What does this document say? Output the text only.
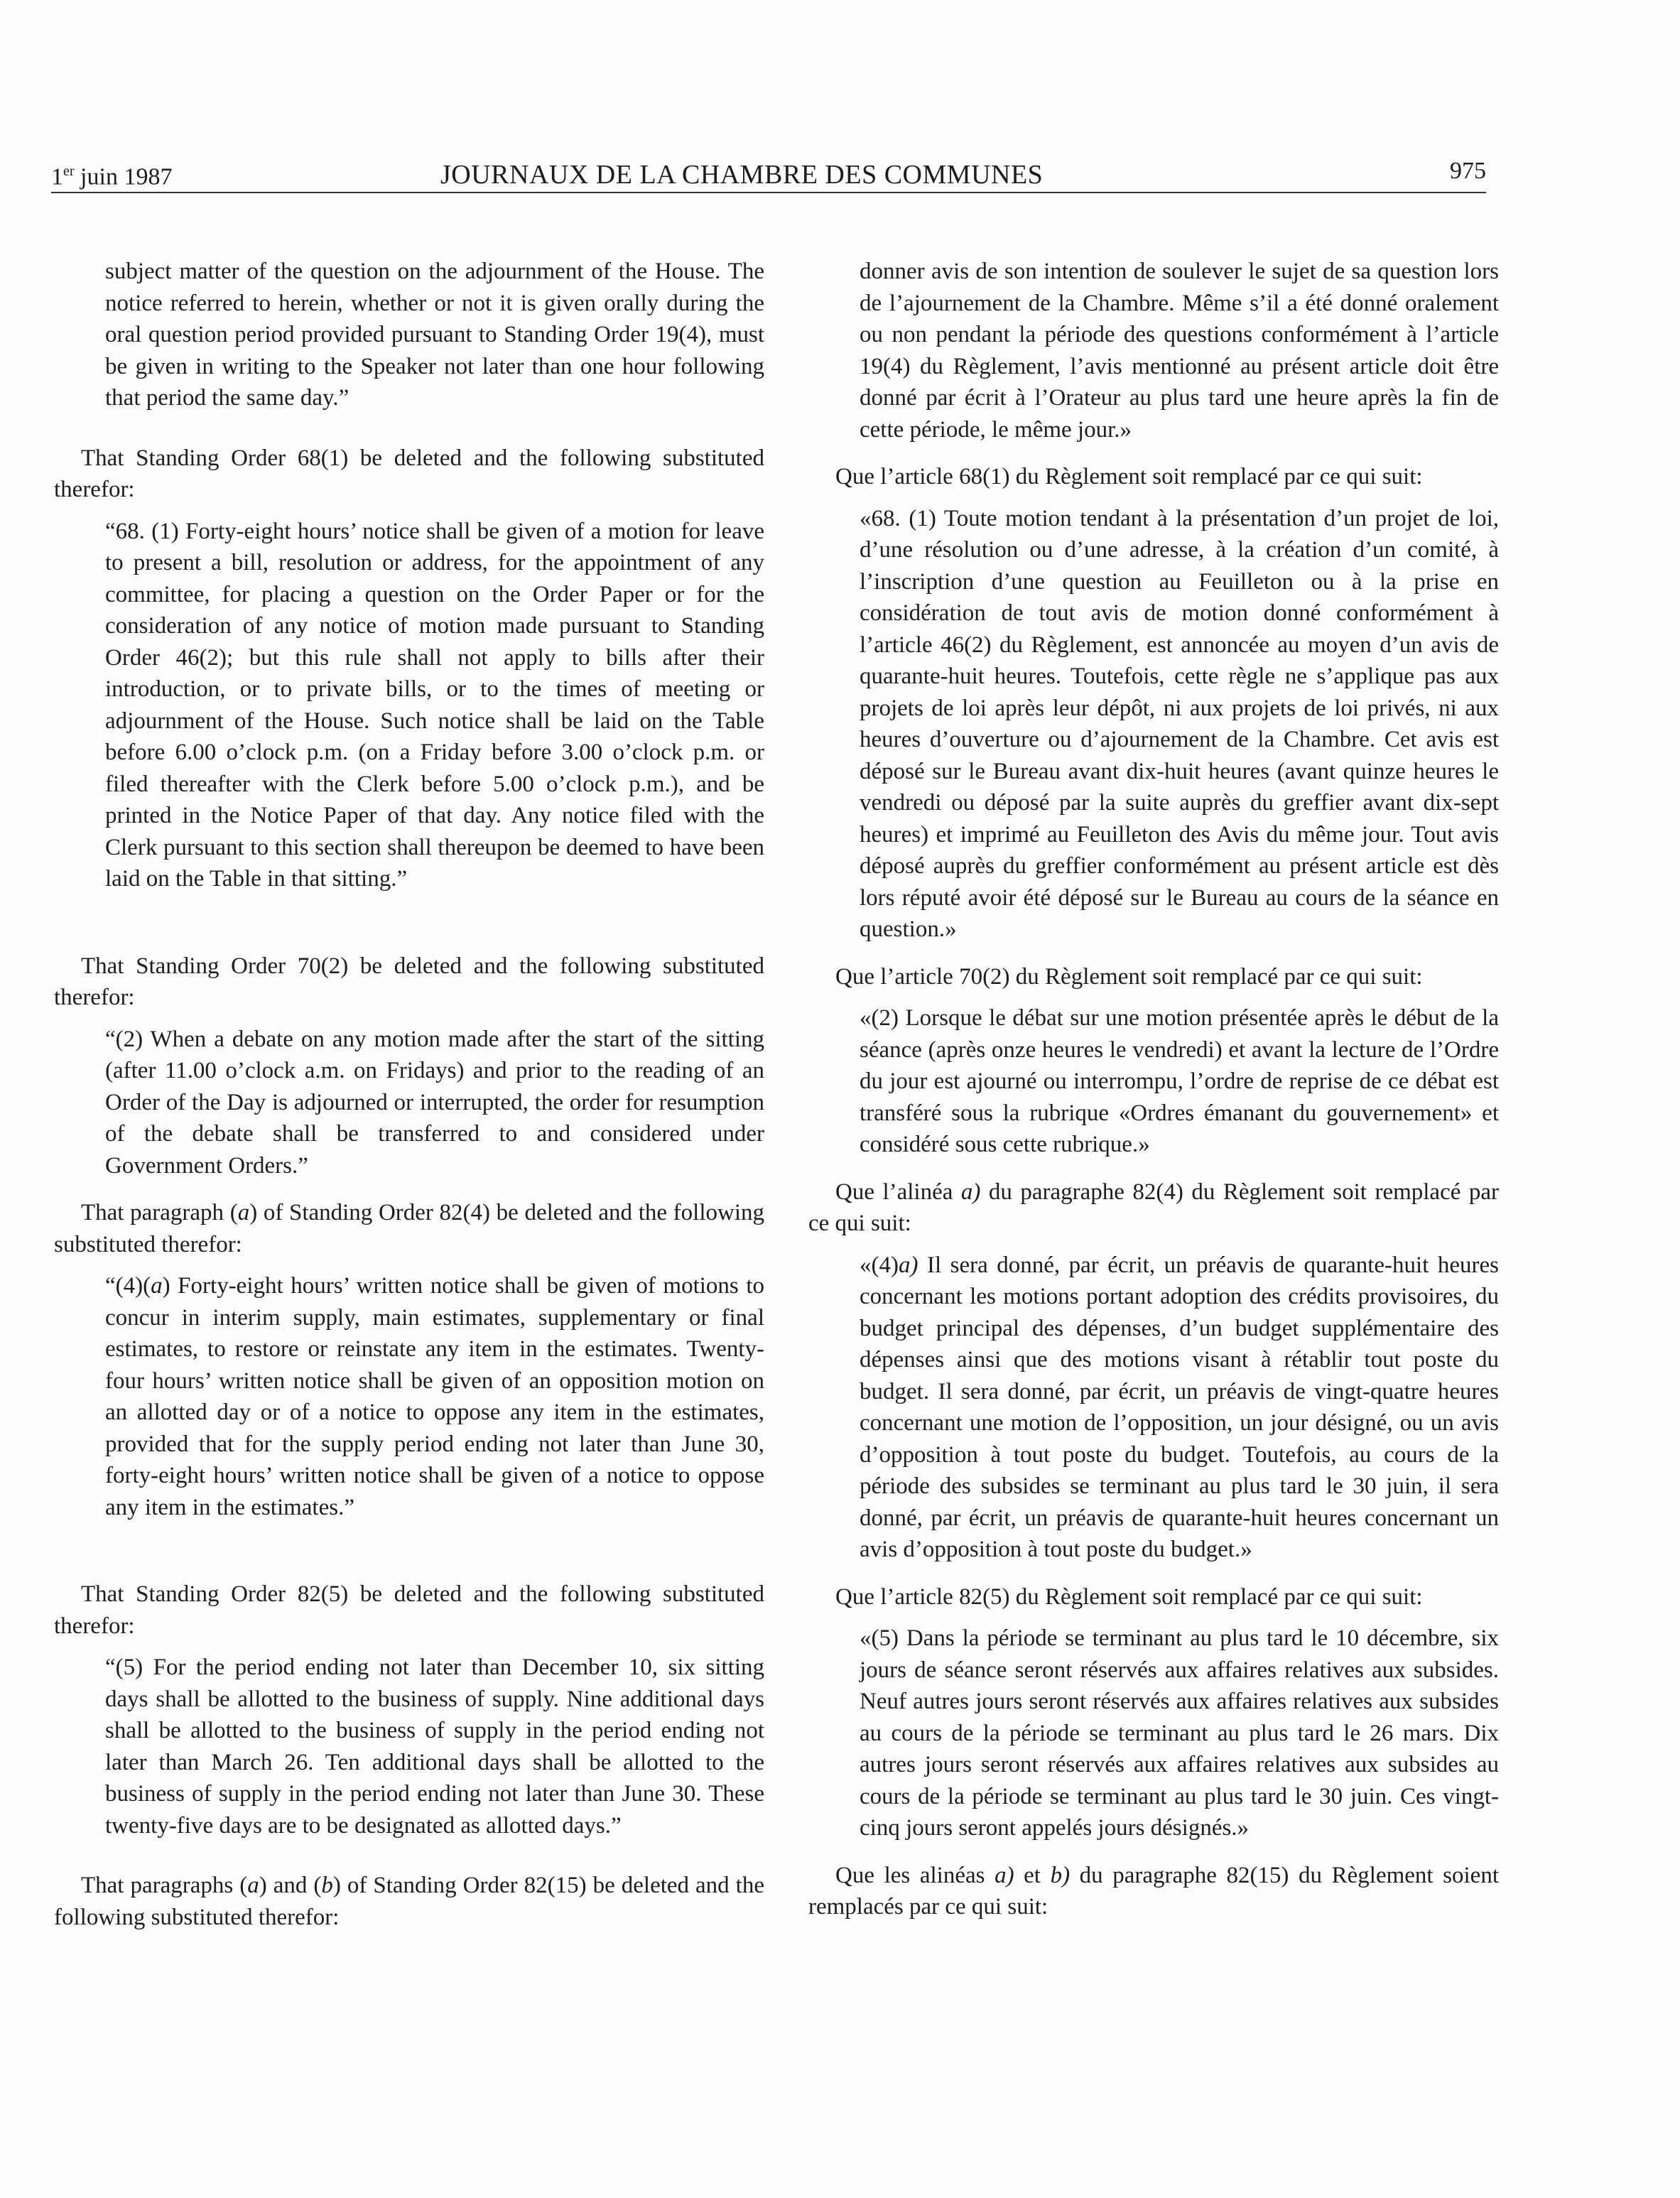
1er juin 1987	JOURNAUX DE LA CHAMBRE DES COMMUNES	975

subject matter of the question on the adjournment of the House. The notice referred to herein, whether or not it is given orally during the oral question period provided pursuant to Standing Order 19(4), must be given in writing to the Speaker not later than one hour following that period the same day.”

That Standing Order 68(1) be deleted and the following substituted therefor:

“68. (1) Forty-eight hours’ notice shall be given of a motion for leave to present a bill, resolution or address, for the appointment of any committee, for placing a question on the Order Paper or for the consideration of any notice of motion made pursuant to Standing Order 46(2); but this rule shall not apply to bills after their introduction, or to private bills, or to the times of meeting or adjournment of the House. Such notice shall be laid on the Table before 6.00 o’clock p.m. (on a Friday before 3.00 o’clock p.m. or filed thereafter with the Clerk before 5.00 o’clock p.m.), and be printed in the Notice Paper of that day. Any notice filed with the Clerk pursuant to this section shall thereupon be deemed to have been laid on the Table in that sitting.”

That Standing Order 70(2) be deleted and the following substituted therefor:

“(2) When a debate on any motion made after the start of the sitting (after 11.00 o’clock a.m. on Fridays) and prior to the reading of an Order of the Day is adjourned or interrupted, the order for resumption of the debate shall be transferred to and considered under Government Orders.”

That paragraph (a) of Standing Order 82(4) be deleted and the following substituted therefor:

“(4)(a) Forty-eight hours’ written notice shall be given of motions to concur in interim supply, main estimates, supplementary or final estimates, to restore or reinstate any item in the estimates. Twenty-four hours’ written notice shall be given of an opposition motion on an allotted day or of a notice to oppose any item in the estimates, provided that for the supply period ending not later than June 30, forty-eight hours’ written notice shall be given of a notice to oppose any item in the estimates.”

That Standing Order 82(5) be deleted and the following substituted therefor:

“(5) For the period ending not later than December 10, six sitting days shall be allotted to the business of supply. Nine additional days shall be allotted to the business of supply in the period ending not later than March 26. Ten additional days shall be allotted to the business of supply in the period ending not later than June 30. These twenty-five days are to be designated as allotted days.”

That paragraphs (a) and (b) of Standing Order 82(15) be deleted and the following substituted therefor:

donner avis de son intention de soulever le sujet de sa question lors de l’ajournement de la Chambre. Même s’il a été donné oralement ou non pendant la période des questions conformément à l’article 19(4) du Règlement, l’avis mentionné au présent article doit être donné par écrit à l’Orateur au plus tard une heure après la fin de cette période, le même jour.»

Que l’article 68(1) du Règlement soit remplacé par ce qui suit:

«68. (1) Toute motion tendant à la présentation d’un projet de loi, d’une résolution ou d’une adresse, à la création d’un comité, à l’inscription d’une question au Feuilleton ou à la prise en considération de tout avis de motion donné conformément à l’article 46(2) du Règlement, est annoncée au moyen d’un avis de quarante-huit heures. Toutefois, cette règle ne s’applique pas aux projets de loi après leur dépôt, ni aux projets de loi privés, ni aux heures d’ouverture ou d’ajournement de la Chambre. Cet avis est déposé sur le Bureau avant dix-huit heures (avant quinze heures le vendredi ou déposé par la suite auprès du greffier avant dix-sept heures) et imprimé au Feuilleton des Avis du même jour. Tout avis déposé auprès du greffier conformément au présent article est dès lors réputé avoir été déposé sur le Bureau au cours de la séance en question.»

Que l’article 70(2) du Règlement soit remplacé par ce qui suit:

«(2) Lorsque le débat sur une motion présentée après le début de la séance (après onze heures le vendredi) et avant la lecture de l’Ordre du jour est ajourné ou interrompu, l’ordre de reprise de ce débat est transféré sous la rubrique «Ordres émanant du gouvernement» et considéré sous cette rubrique.»

Que l’alinéa a) du paragraphe 82(4) du Règlement soit remplacé par ce qui suit:

«(4)a) Il sera donné, par écrit, un préavis de quarante-huit heures concernant les motions portant adoption des crédits provisoires, du budget principal des dépenses, d’un budget supplémentaire des dépenses ainsi que des motions visant à rétablir tout poste du budget. Il sera donné, par écrit, un préavis de vingt-quatre heures concernant une motion de l’opposition, un jour désigné, ou un avis d’opposition à tout poste du budget. Toutefois, au cours de la période des subsides se terminant au plus tard le 30 juin, il sera donné, par écrit, un préavis de quarante-huit heures concernant un avis d’opposition à tout poste du budget.»

Que l’article 82(5) du Règlement soit remplacé par ce qui suit:

«(5) Dans la période se terminant au plus tard le 10 décembre, six jours de séance seront réservés aux affaires relatives aux subsides. Neuf autres jours seront réservés aux affaires relatives aux subsides au cours de la période se terminant au plus tard le 26 mars. Dix autres jours seront réservés aux affaires relatives aux subsides au cours de la période se terminant au plus tard le 30 juin. Ces vingt-cinq jours seront appelés jours désignés.»

Que les alinéas a) et b) du paragraphe 82(15) du Règlement soient remplacés par ce qui suit:
